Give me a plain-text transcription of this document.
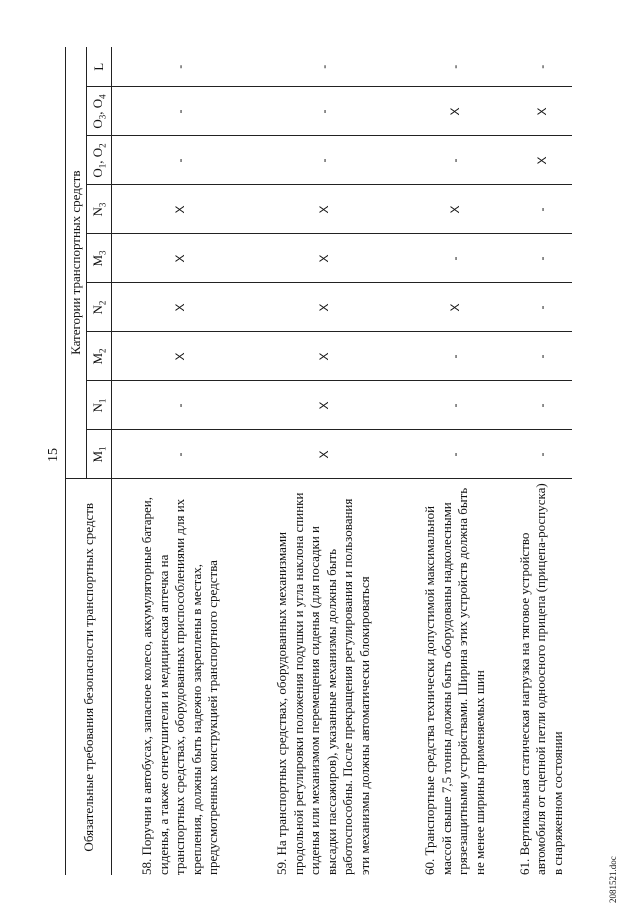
15
Обязательные требования безопасности транспортных средств	Категории транспортных средств								
	$M_1$	$N_1$	$M_2$	$N_2$	$M_3$	$N_3$	$O_1$, $O_2$	$O_3$, $O_4$	L
58. Поручни в автобусах, запасное колесо, аккумуляторные батареи, сиденья, а также огнетушители и медицинская аптечка на транспортных средствах, оборудованных приспособлениями для их крепления, должны быть надежно закреплены в местах, предусмотренных конструкцией транспортного средства	-	-	X	X	X	X	-	-	-
59. На транспортных средствах, оборудованных механизмами продольной регулировки положения подушки и угла наклона спинки сиденья или механизмом перемещения сиденья (для посадки и высадки пассажиров), указанные механизмы должны быть работоспособны. После прекращения регулирования и пользования эти механизмы должны автоматически блокироваться	X	X	X	X	X	X	-	-	-
60. Транспортные средства технически допустимой максимальной массой свыше 7,5 тонны должны быть оборудованы надколесными грязезащитными устройствами. Ширина этих устройств должна быть не менее ширины применяемых шин	-	-	-	X	-	X	-	X	-
61. Вертикальная статическая нагрузка на тяговое устройство автомобиля от сцепной петли одноосного прицепа (прицепа-роспуска) в снаряженном состоянии	-	-	-	-	-	-	X	X	-
2081521.doc
